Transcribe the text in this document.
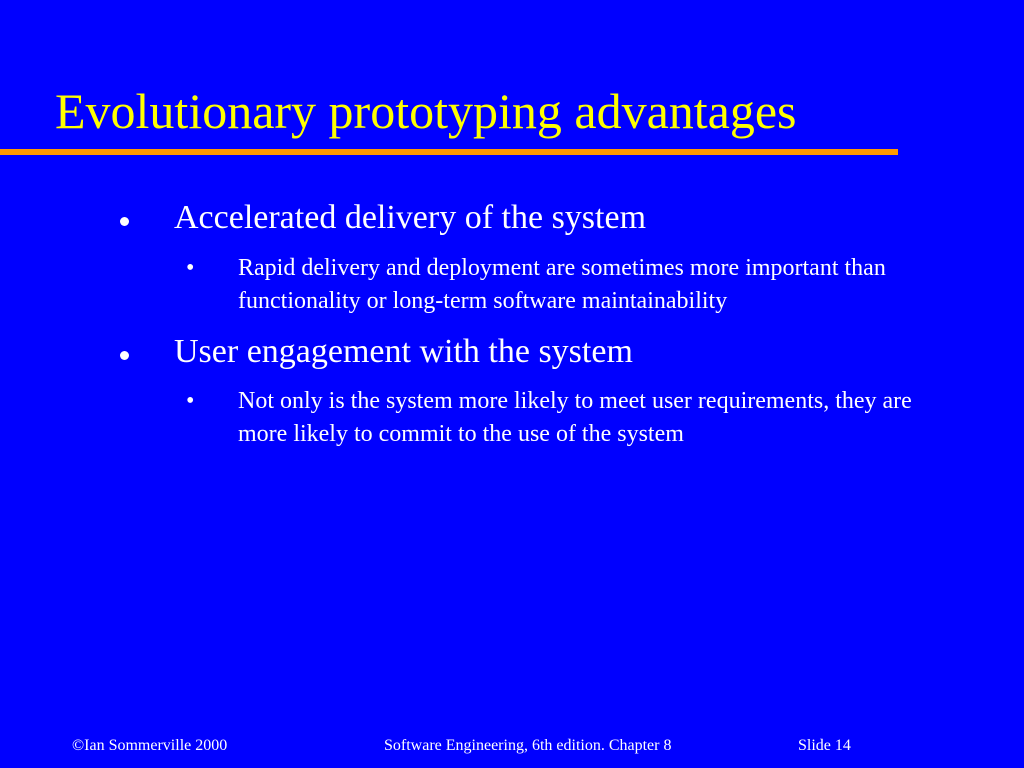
Evolutionary prototyping advantages
Accelerated delivery of the system
• Rapid delivery and deployment are sometimes more important than functionality or long-term software maintainability
User engagement with the system
• Not only is the system more likely to meet user requirements, they are more likely to commit to the use of the system
©Ian Sommerville 2000	Software Engineering, 6th edition. Chapter 8	Slide 14
